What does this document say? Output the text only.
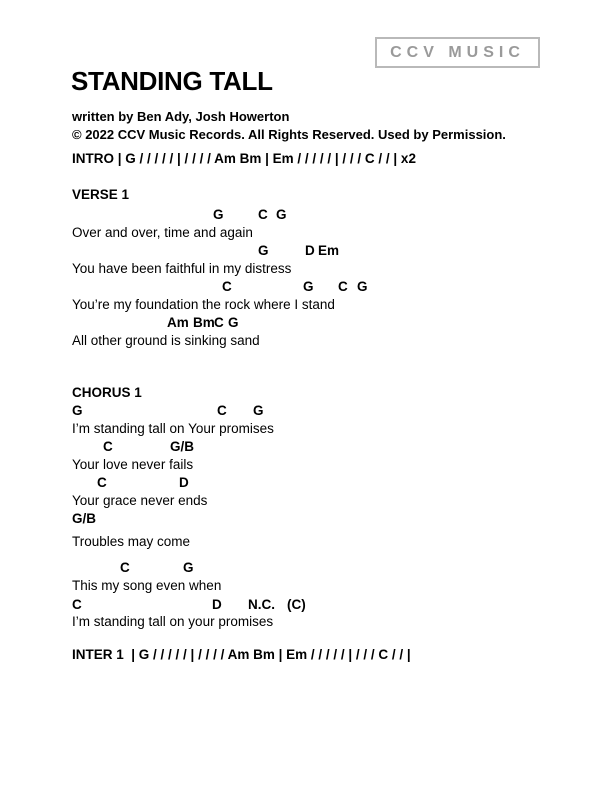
CCV MUSIC
STANDING TALL
written by Ben Ady, Josh Howerton
© 2022 CCV Music Records. All Rights Reserved. Used by Permission.
INTRO | G / / / / / | / / / / Am Bm | Em / / / / / | / / / C / / | x2
VERSE 1
G	C G
Over and over, time and again
G	D Em
You have been faithful in my distress
C	G C G
You’re my foundation the rock where I stand
Am Bm C G
All other ground is sinking sand
CHORUS 1
G	C G
I’m standing tall on Your promises
C	G/B
Your love never fails
C	D
Your grace never ends
G/B
Troubles may come
C	G
This my song even when
C	D N.C. (C)
I’m standing tall on your promises
INTER 1  | G / / / / / | / / / / Am Bm | Em / / / / / | / / / C / / |
